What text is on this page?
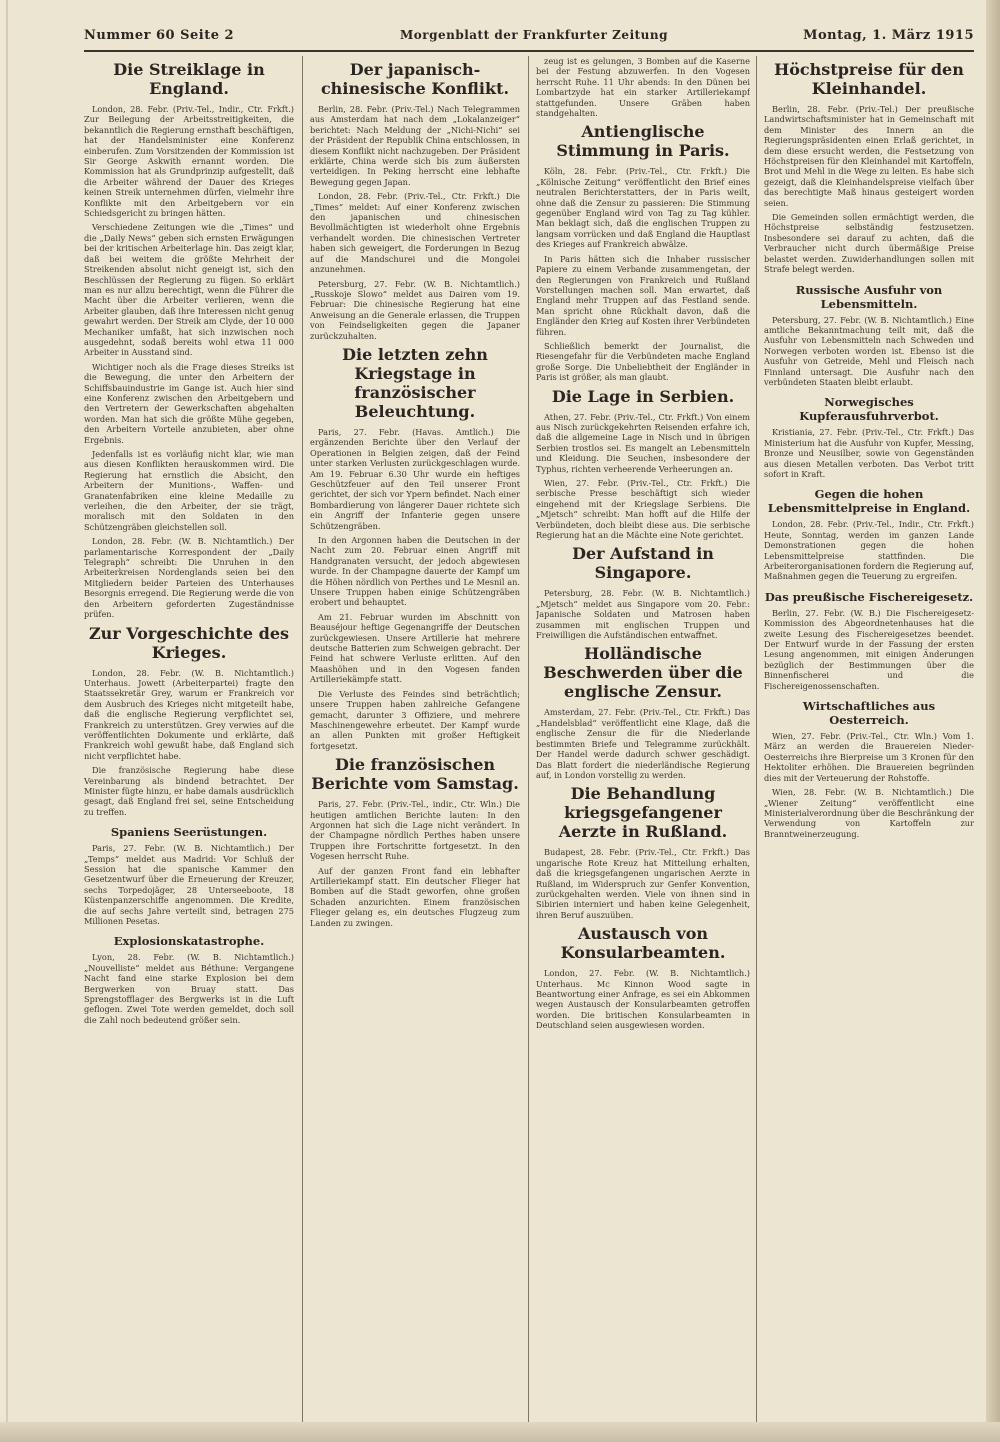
Nummer 60 Seite 2	Morgenblatt der Frankfurter Zeitung	Montag, 1. März 1915
Die Streiklage in England.

London, 28. Febr. (Priv.-Tel., Indir., Ctr. Frkft.) Zur Beilegung der Arbeitsstreitigkeiten, die bekanntlich die Regierung ernsthaft beschäftigen, hat der Handelsminister eine Konferenz einberufen. Zum Vorsitzenden der Kommission ist Sir George Askwith ernannt worden. Die Kommission hat als Grundprinzip aufgestellt, daß die Arbeiter während der Dauer des Krieges keinen Streik unternehmen dürfen, vielmehr ihre Konflikte mit den Arbeitgebern vor ein Schiedsgericht zu bringen hätten.

Verschiedene Zeitungen wie die „Times“ und die „Daily News“ geben sich ernsten Erwägungen bei der kritischen Arbeiterlage hin. Das zeigt klar, daß bei weitem die größte Mehrheit der Streikenden absolut nicht geneigt ist, sich den Beschlüssen der Regierung zu fügen. So erklärt man es nur allzu berechtigt, wenn die Führer die Macht über die Arbeiter verlieren, wenn die Arbeiter glauben, daß ihre Interessen nicht genug gewahrt werden. Der Streik am Clyde, der 10 000 Mechaniker umfaßt, hat sich inzwischen noch ausgedehnt, sodaß bereits wohl etwa 11 000 Arbeiter in Ausstand sind.

Wichtiger noch als die Frage dieses Streiks ist die Bewegung, die unter den Arbeitern der Schiffsbauindustrie im Gange ist. Auch hier sind eine Konferenz zwischen den Arbeitgebern und den Vertretern der Gewerkschaften abgehalten worden. Man hat sich die größte Mühe gegeben, den Arbeitern Vorteile anzubieten, aber ohne Ergebnis.

Jedenfalls ist es vorläufig nicht klar, wie man aus diesen Konflikten herauskommen wird. Die Regierung hat ernstlich die Absicht, den Arbeitern der Munitions-, Waffen- und Granatenfabriken eine kleine Medaille zu verleihen, die den Arbeiter, der sie trägt, moralisch mit den Soldaten in den Schützengräben gleichstellen soll.

London, 28. Febr. (W. B. Nichtamtlich.) Der parlamentarische Korrespondent der „Daily Telegraph“ schreibt: Die Unruhen in den Arbeiterkreisen Nordenglands seien bei den Mitgliedern beider Parteien des Unterhauses Besorgnis erregend. Die Regierung werde die von den Arbeitern geforderten Zugeständnisse prüfen.

Zur Vorgeschichte des Krieges.

London, 28. Febr. (W. B. Nichtamtlich.) Unterhaus. Jowett (Arbeiterpartei) fragte den Staatssekretär Grey, warum er Frankreich vor dem Ausbruch des Krieges nicht mitgeteilt habe, daß die englische Regierung verpflichtet sei, Frankreich zu unterstützen. Grey verwies auf die veröffentlichten Dokumente und erklärte, daß Frankreich wohl gewußt habe, daß England sich nicht verpflichtet habe.

Die französische Regierung habe diese Vereinbarung als bindend betrachtet. Der Minister fügte hinzu, er habe damals ausdrücklich gesagt, daß England frei sei, seine Entscheidung zu treffen.

Spaniens Seerüstungen.

Paris, 27. Febr. (W. B. Nichtamtlich.) Der „Temps“ meldet aus Madrid: Vor Schluß der Session hat die spanische Kammer den Gesetzentwurf über die Erneuerung der Kreuzer, sechs Torpedojäger, 28 Unterseeboote, 18 Küstenpanzerschiffe angenommen. Die Kredite, die auf sechs Jahre verteilt sind, betragen 275 Millionen Pesetas.

Explosionskatastrophe.

Lyon, 28. Febr. (W. B. Nichtamtlich.) „Nouvelliste“ meldet aus Béthune: Vergangene Nacht fand eine starke Explosion bei dem Bergwerken von Bruay statt. Das Sprengstofflager des Bergwerks ist in die Luft geflogen. Zwei Tote werden gemeldet, doch soll die Zahl noch bedeutend größer sein.

Der japanisch-chinesische Konflikt.

Berlin, 28. Febr. (Priv.-Tel.) Nach Telegrammen aus Amsterdam hat nach dem „Lokalanzeiger“ berichtet: Nach Meldung der „Nichi-Nichi“ sei der Präsident der Republik China entschlossen, in diesem Konflikt nicht nachzugeben. Der Präsident erklärte, China werde sich bis zum äußersten verteidigen. In Peking herrscht eine lebhafte Bewegung gegen Japan.

London, 28. Febr. (Priv.-Tel., Ctr. Frkft.) Die „Times“ meldet: Auf einer Konferenz zwischen den japanischen und chinesischen Bevollmächtigten ist wiederholt ohne Ergebnis verhandelt worden. Die chinesischen Vertreter haben sich geweigert, die Forderungen in Bezug auf die Mandschurei und die Mongolei anzunehmen.

Petersburg, 27. Febr. (W. B. Nichtamtlich.) „Russkoje Slowo“ meldet aus Dairen vom 19. Februar: Die chinesische Regierung hat eine Anweisung an die Generale erlassen, die Truppen von Feindseligkeiten gegen die Japaner zurückzuhalten.

Die letzten zehn Kriegstage in französischer Beleuchtung.

Paris, 27. Febr. (Havas. Amtlich.) Die ergänzenden Berichte über den Verlauf der Operationen in Belgien zeigen, daß der Feind unter starken Verlusten zurückgeschlagen wurde. Am 19. Februar 6.30 Uhr wurde ein heftiges Geschützfeuer auf den Teil unserer Front gerichtet, der sich vor Ypern befindet. Nach einer Bombardierung von längerer Dauer richtete sich ein Angriff der Infanterie gegen unsere Schützengräben.

In den Argonnen haben die Deutschen in der Nacht zum 20. Februar einen Angriff mit Handgranaten versucht, der jedoch abgewiesen wurde. In der Champagne dauerte der Kampf um die Höhen nördlich von Perthes und Le Mesnil an. Unsere Truppen haben einige Schützengräben erobert und behauptet.

Am 21. Februar wurden im Abschnitt von Beauséjour heftige Gegenangriffe der Deutschen zurückgewiesen. Unsere Artillerie hat mehrere deutsche Batterien zum Schweigen gebracht. Der Feind hat schwere Verluste erlitten. Auf den Maashöhen und in den Vogesen fanden Artilleriekämpfe statt.

Die Verluste des Feindes sind beträchtlich; unsere Truppen haben zahlreiche Gefangene gemacht, darunter 3 Offiziere, und mehrere Maschinengewehre erbeutet. Der Kampf wurde an allen Punkten mit großer Heftigkeit fortgesetzt.

Die französischen Berichte vom Samstag.

Paris, 27. Febr. (Priv.-Tel., indir., Ctr. Wln.) Die heutigen amtlichen Berichte lauten: In den Argonnen hat sich die Lage nicht verändert. In der Champagne nördlich Perthes haben unsere Truppen ihre Fortschritte fortgesetzt. In den Vogesen herrscht Ruhe.

Auf der ganzen Front fand ein lebhafter Artilleriekampf statt. Ein deutscher Flieger hat Bomben auf die Stadt geworfen, ohne großen Schaden anzurichten. Einem französischen Flieger gelang es, ein deutsches Flugzeug zum Landen zu zwingen.

zeug ist es gelungen, 3 Bomben auf die Kaserne bei der Festung abzuwerfen. In den Vogesen herrscht Ruhe. 11 Uhr abends: In den Dünen bei Lombartzyde hat ein starker Artilleriekampf stattgefunden. Unsere Gräben haben standgehalten.

Antienglische Stimmung in Paris.

Köln, 28. Febr. (Priv.-Tel., Ctr. Frkft.) Die „Kölnische Zeitung“ veröffentlicht den Brief eines neutralen Berichterstatters, der in Paris weilt, ohne daß die Zensur zu passieren: Die Stimmung gegenüber England wird von Tag zu Tag kühler. Man beklagt sich, daß die englischen Truppen zu langsam vorrücken und daß England die Hauptlast des Krieges auf Frankreich abwälze.

In Paris hätten sich die Inhaber russischer Papiere zu einem Verbande zusammengetan, der den Regierungen von Frankreich und Rußland Vorstellungen machen soll. Man erwartet, daß England mehr Truppen auf das Festland sende. Man spricht ohne Rückhalt davon, daß die Engländer den Krieg auf Kosten ihrer Verbündeten führen.

Schließlich bemerkt der Journalist, die Riesengefahr für die Verbündeten mache England große Sorge. Die Unbeliebtheit der Engländer in Paris ist größer, als man glaubt.

Die Lage in Serbien.

Athen, 27. Febr. (Priv.-Tel., Ctr. Frkft.) Von einem aus Nisch zurückgekehrten Reisenden erfahre ich, daß die allgemeine Lage in Nisch und in übrigen Serbien trostlos sei. Es mangelt an Lebensmitteln und Kleidung. Die Seuchen, insbesondere der Typhus, richten verheerende Verheerungen an.

Wien, 27. Febr. (Priv.-Tel., Ctr. Frkft.) Die serbische Presse beschäftigt sich wieder eingehend mit der Kriegslage Serbiens. Die „Mjetsch“ schreibt: Man hofft auf die Hilfe der Verbündeten, doch bleibt diese aus. Die serbische Regierung hat an die Mächte eine Note gerichtet.

Der Aufstand in Singapore.

Petersburg, 28. Febr. (W. B. Nichtamtlich.) „Mjetsch“ meldet aus Singapore vom 20. Febr.: Japanische Soldaten und Matrosen haben zusammen mit englischen Truppen und Freiwilligen die Aufständischen entwaffnet.

Holländische Beschwerden über die englische Zensur.

Amsterdam, 27. Febr. (Priv.-Tel., Ctr. Frkft.) Das „Handelsblad“ veröffentlicht eine Klage, daß die englische Zensur die für die Niederlande bestimmten Briefe und Telegramme zurückhält. Der Handel werde dadurch schwer geschädigt. Das Blatt fordert die niederländische Regierung auf, in London vorstellig zu werden.

Die Behandlung kriegsgefangener Aerzte in Rußland.

Budapest, 28. Febr. (Priv.-Tel., Ctr. Frkft.) Das ungarische Rote Kreuz hat Mitteilung erhalten, daß die kriegsgefangenen ungarischen Aerzte in Rußland, im Widerspruch zur Genfer Konvention, zurückgehalten werden. Viele von ihnen sind in Sibirien interniert und haben keine Gelegenheit, ihren Beruf auszuüben.

Austausch von Konsularbeamten.

London, 27. Febr. (W. B. Nichtamtlich.) Unterhaus. Mc Kinnon Wood sagte in Beantwortung einer Anfrage, es sei ein Abkommen wegen Austausch der Konsularbeamten getroffen worden. Die britischen Konsularbeamten in Deutschland seien ausgewiesen worden.

Höchstpreise für den Kleinhandel.

Berlin, 28. Febr. (Priv.-Tel.) Der preußische Landwirtschaftsminister hat in Gemeinschaft mit dem Minister des Innern an die Regierungspräsidenten einen Erlaß gerichtet, in dem diese ersucht werden, die Festsetzung von Höchstpreisen für den Kleinhandel mit Kartoffeln, Brot und Mehl in die Wege zu leiten. Es habe sich gezeigt, daß die Kleinhandelspreise vielfach über das berechtigte Maß hinaus gesteigert worden seien.

Die Gemeinden sollen ermächtigt werden, die Höchstpreise selbständig festzusetzen. Insbesondere sei darauf zu achten, daß die Verbraucher nicht durch übermäßige Preise belastet werden. Zuwiderhandlungen sollen mit Strafe belegt werden.

Russische Ausfuhr von Lebensmitteln.

Petersburg, 27. Febr. (W. B. Nichtamtlich.) Eine amtliche Bekanntmachung teilt mit, daß die Ausfuhr von Lebensmitteln nach Schweden und Norwegen verboten worden ist. Ebenso ist die Ausfuhr von Getreide, Mehl und Fleisch nach Finnland untersagt. Die Ausfuhr nach den verbündeten Staaten bleibt erlaubt.

Norwegisches Kupferausfuhrverbot.

Kristiania, 27. Febr. (Priv.-Tel., Ctr. Frkft.) Das Ministerium hat die Ausfuhr von Kupfer, Messing, Bronze und Neusilber, sowie von Gegenständen aus diesen Metallen verboten. Das Verbot tritt sofort in Kraft.

Gegen die hohen Lebensmittelpreise in England.

London, 28. Febr. (Priv.-Tel., Indir., Ctr. Frkft.) Heute, Sonntag, werden im ganzen Lande Demonstrationen gegen die hohen Lebensmittelpreise stattfinden. Die Arbeiterorganisationen fordern die Regierung auf, Maßnahmen gegen die Teuerung zu ergreifen.

Das preußische Fischereigesetz.

Berlin, 27. Febr. (W. B.) Die Fischereigesetz-Kommission des Abgeordnetenhauses hat die zweite Lesung des Fischereigesetzes beendet. Der Entwurf wurde in der Fassung der ersten Lesung angenommen, mit einigen Änderungen bezüglich der Bestimmungen über die Binnenfischerei und die Fischereigenossenschaften.

Wirtschaftliches aus Oesterreich.

Wien, 27. Febr. (Priv.-Tel., Ctr. Wln.) Vom 1. März an werden die Brauereien Nieder-Oesterreichs ihre Bierpreise um 3 Kronen für den Hektoliter erhöhen. Die Brauereien begründen dies mit der Verteuerung der Rohstoffe.

Wien, 28. Febr. (W. B. Nichtamtlich.) Die „Wiener Zeitung“ veröffentlicht eine Ministerialverordnung über die Beschränkung der Verwendung von Kartoffeln zur Branntweinerzeugung.
